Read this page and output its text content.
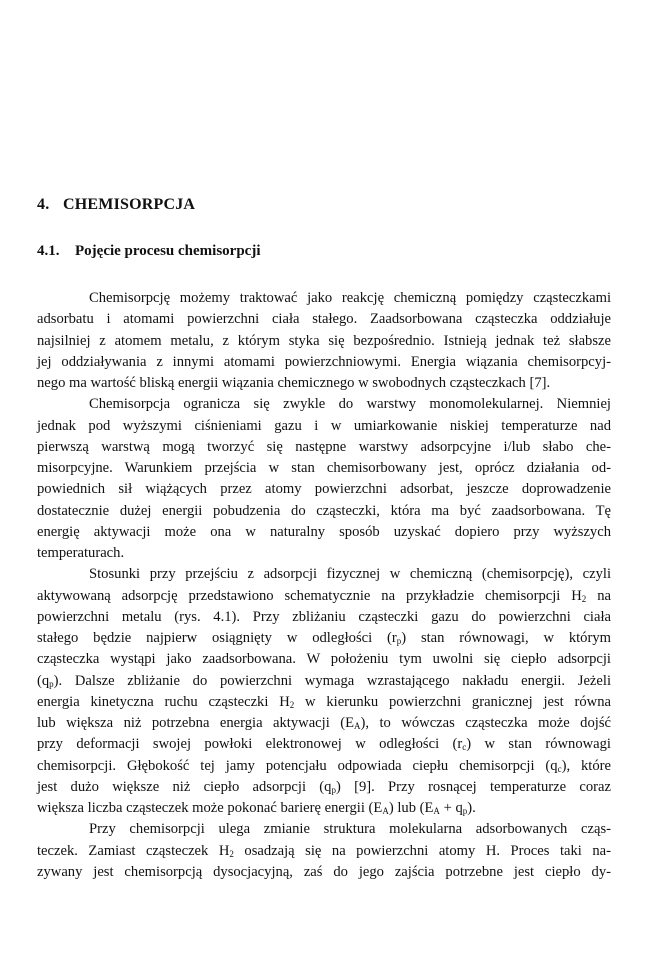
4. CHEMISORPCJA
4.1. Pojęcie procesu chemisorpcji
Chemisorpcję możemy traktować jako reakcję chemiczną pomiędzy cząsteczkami
adsorbatu i atomami powierzchni ciała stałego. Zaadsorbowana cząsteczka oddziałuje
najsilniej z atomem metalu, z którym styka się bezpośrednio. Istnieją jednak też słabsze
jej oddziaływania z innymi atomami powierzchniowymi. Energia wiązania chemisorpcyj-
nego ma wartość bliską energii wiązania chemicznego w swobodnych cząsteczkach [7].
Chemisorpcja ogranicza się zwykle do warstwy monomolekularnej. Niemniej
jednak pod wyższymi ciśnieniami gazu i w umiarkowanie niskiej temperaturze nad
pierwszą warstwą mogą tworzyć się następne warstwy adsorpcyjne i/lub słabo che-
misorpcyjne. Warunkiem przejścia w stan chemisorbowany jest, oprócz działania od-
powiednich sił wiążących przez atomy powierzchni adsorbat, jeszcze doprowadzenie
dostatecznie dużej energii pobudzenia do cząsteczki, która ma być zaadsorbowana. Tę
energię aktywacji może ona w naturalny sposób uzyskać dopiero przy wyższych
temperaturach.
Stosunki przy przejściu z adsorpcji fizycznej w chemiczną (chemisorpcję), czyli
aktywowaną adsorpcję przedstawiono schematycznie na przykładzie chemisorpcji $H_2$ na
powierzchni metalu (rys. 4.1). Przy zbliżaniu cząsteczki gazu do powierzchni ciała
stałego będzie najpierw osiągnięty w odległości $(r_p)$ stan równowagi, w którym
cząsteczka wystąpi jako zaadsorbowana. W położeniu tym uwolni się ciepło adsorpcji
$(q_p)$. Dalsze zbliżanie do powierzchni wymaga wzrastającego nakładu energii. Jeżeli
energia kinetyczna ruchu cząsteczki $H_2$ w kierunku powierzchni granicznej jest równa
lub większa niż potrzebna energia aktywacji $(E_A)$, to wówczas cząsteczka może dojść
przy deformacji swojej powłoki elektronowej w odległości $(r_c)$ w stan równowagi
chemisorpcji. Głębokość tej jamy potencjału odpowiada ciepłu chemisorpcji $(q_c)$, które
jest dużo większe niż ciepło adsorpcji $(q_p)$ [9]. Przy rosnącej temperaturze coraz
większa liczba cząsteczek może pokonać barierę energii $(E_A)$ lub $(E_A + q_p)$.
Przy chemisorpcji ulega zmianie struktura molekularna adsorbowanych cząs-
teczek. Zamiast cząsteczek $H_2$ osadzają się na powierzchni atomy H. Proces taki na-
zywany jest chemisorpcją dysocjacyjną, zaś do jego zajścia potrzebne jest ciepło dy-
